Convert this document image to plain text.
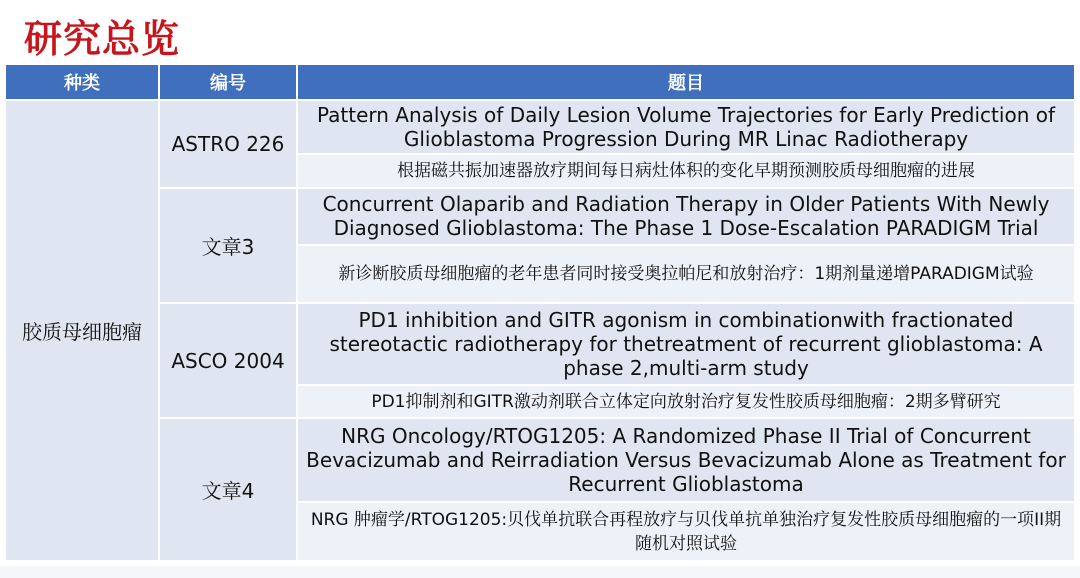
研究总览
种类	编号	题目
胶质母细胞瘤	ASTRO 226	Pattern Analysis of Daily Lesion Volume Trajectories for Early Prediction of Glioblastoma Progression During MR Linac Radiotherapy
		根据磁共振加速器放疗期间每日病灶体积的变化早期预测胶质母细胞瘤的进展
	文章3	Concurrent Olaparib and Radiation Therapy in Older Patients With Newly Diagnosed Glioblastoma: The Phase 1 Dose-Escalation PARADIGM Trial
		新诊断胶质母细胞瘤的老年患者同时接受奥拉帕尼和放射治疗：1期剂量递增PARADIGM试验
	ASCO 2004	PD1 inhibition and GITR agonism in combinationwith fractionated stereotactic radiotherapy for thetreatment of recurrent glioblastoma: A phase 2,multi-arm study
		PD1抑制剂和GITR激动剂联合立体定向放射治疗复发性胶质母细胞瘤：2期多臂研究
	文章4	NRG Oncology/RTOG1205: A Randomized Phase II Trial of Concurrent Bevacizumab and Reirradiation Versus Bevacizumab Alone as Treatment for Recurrent Glioblastoma
		NRG 肿瘤学/RTOG1205:贝伐单抗联合再程放疗与贝伐单抗单独治疗复发性胶质母细胞瘤的一项II期随机对照试验
